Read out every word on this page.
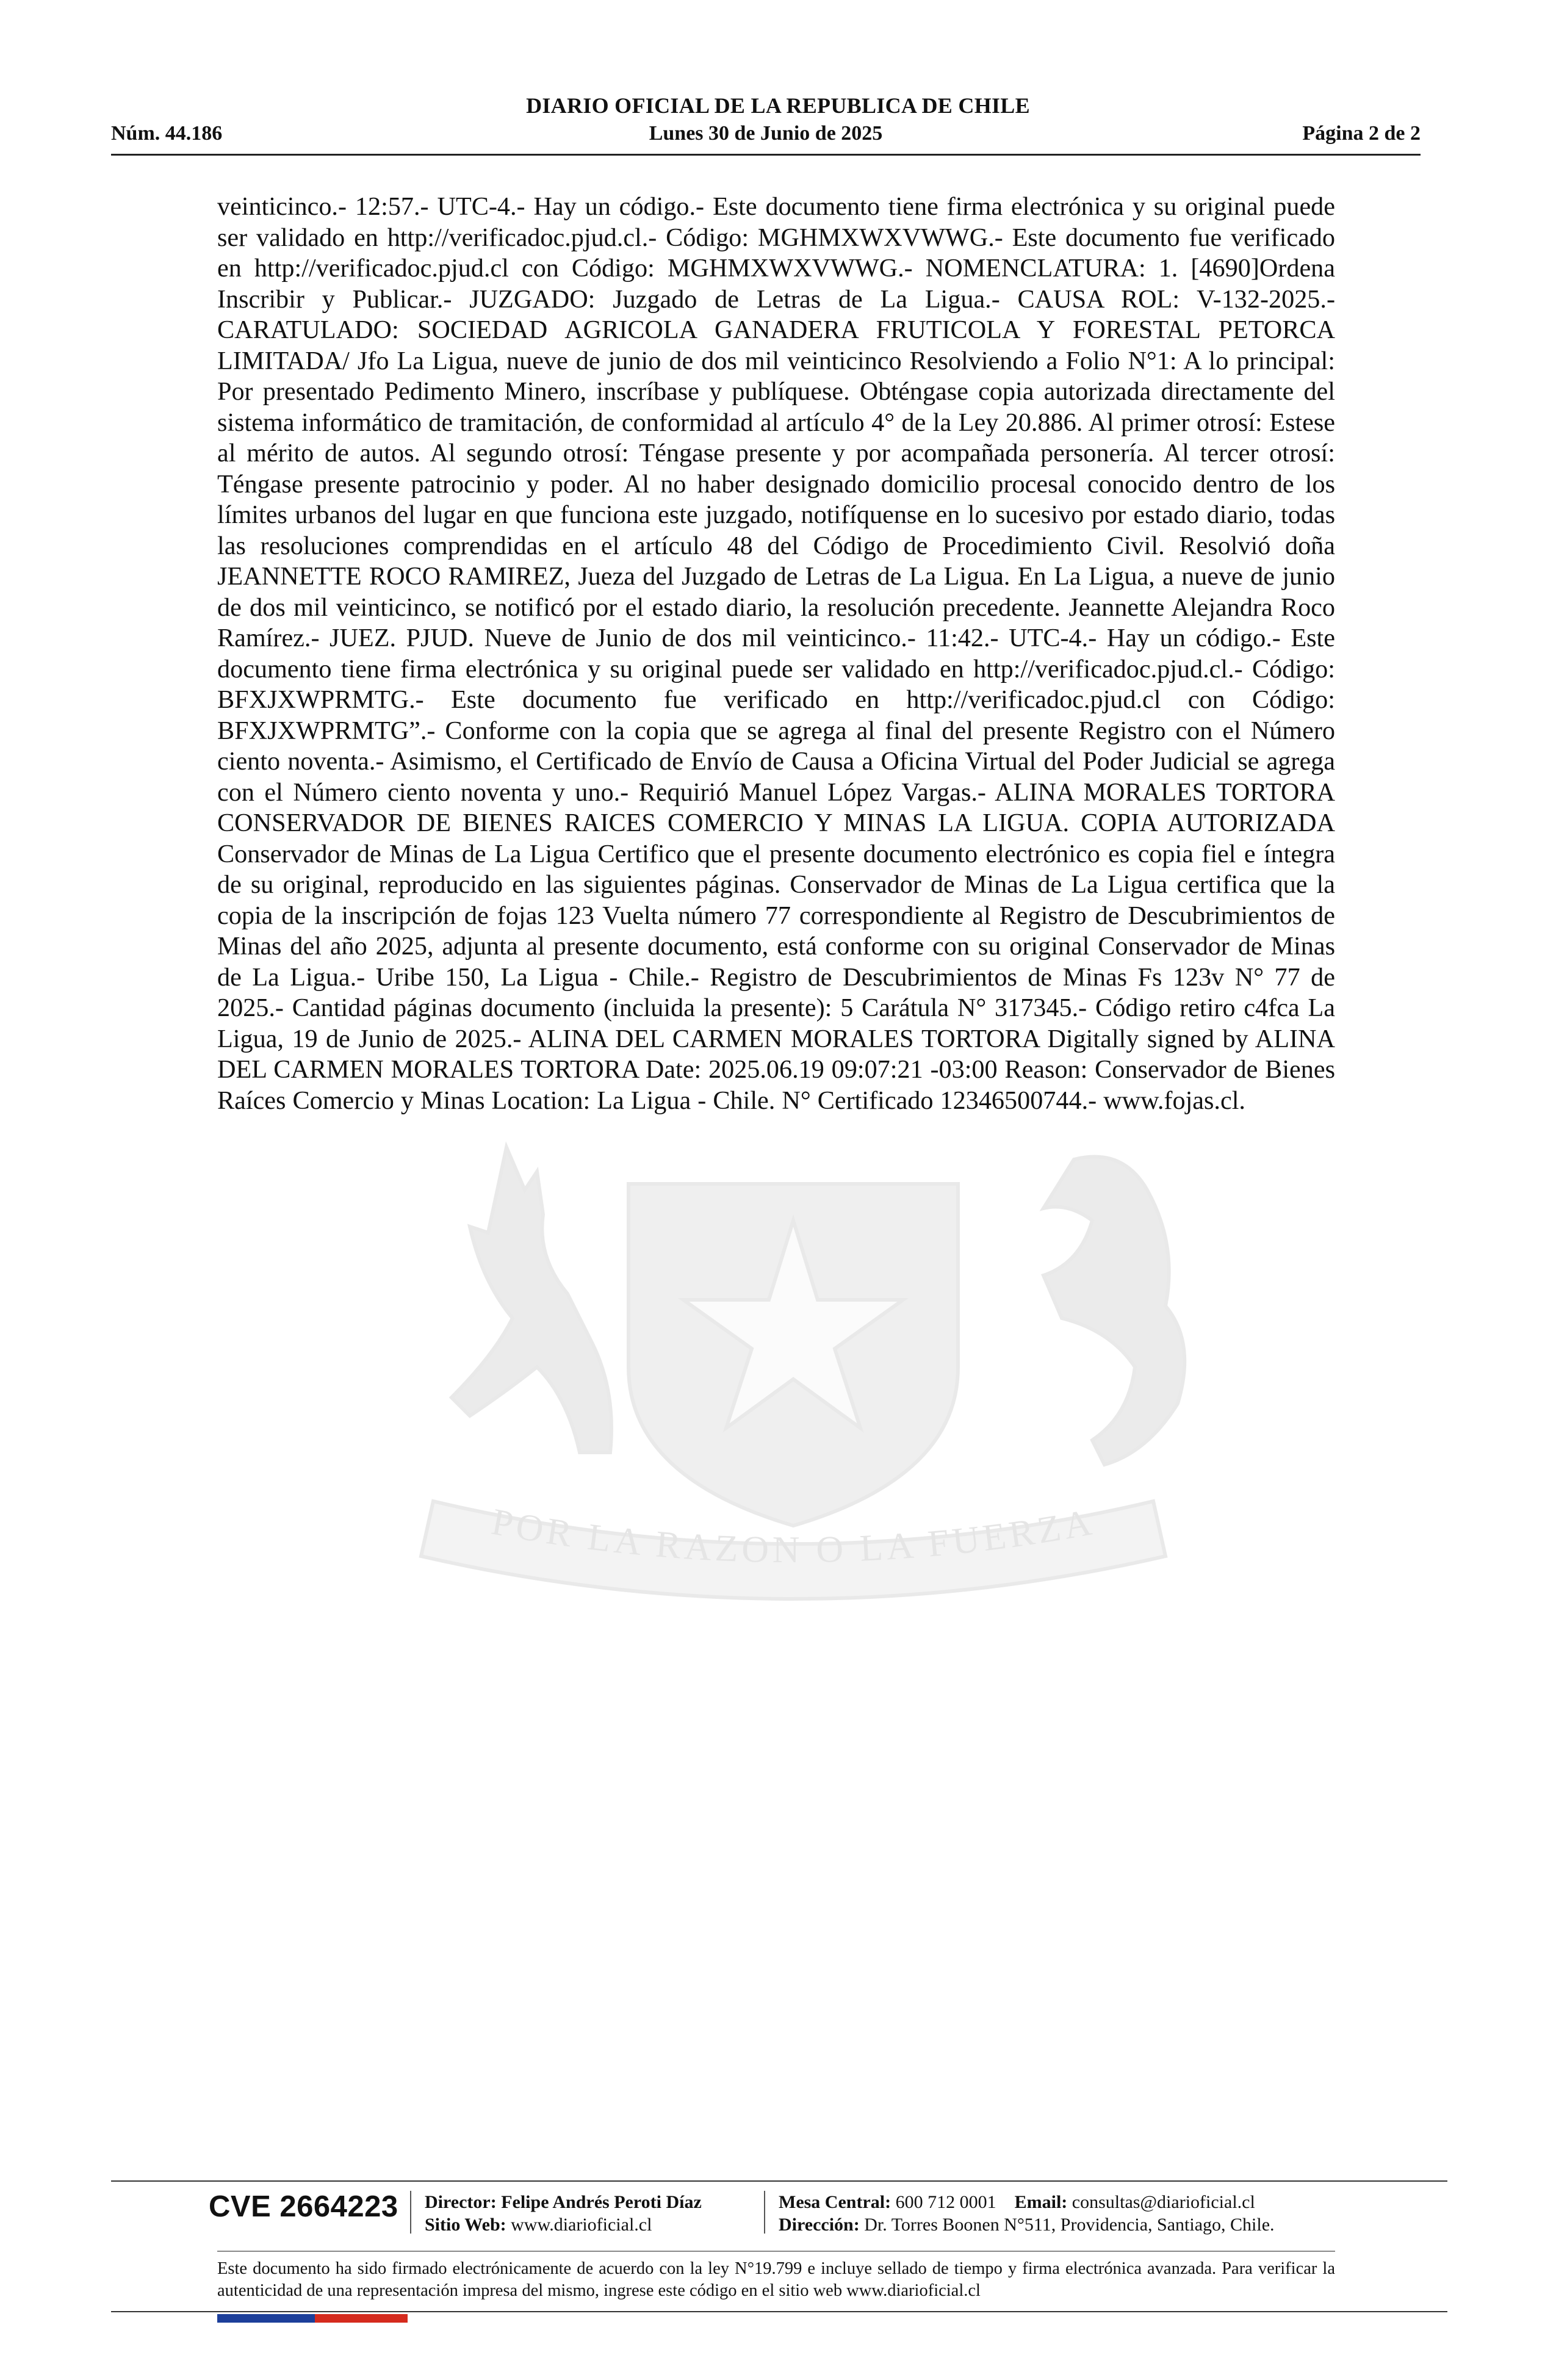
DIARIO OFICIAL DE LA REPUBLICA DE CHILE
Núm. 44.186	Lunes 30 de Junio de 2025	Página 2 de 2
POR LA RAZON O LA FUERZA
veinticinco.- 12:57.- UTC-4.- Hay un código.- Este documento tiene firma electrónica y su original puede ser validado en http://verificadoc.pjud.cl.- Código: MGHMXWXVWWG.- Este documento fue verificado en http://verificadoc.pjud.cl con Código: MGHMXWXVWWG.- NOMENCLATURA: 1. [4690]Ordena Inscribir y Publicar.- JUZGADO: Juzgado de Letras de La Ligua.- CAUSA ROL: V-132-2025.- CARATULADO: SOCIEDAD AGRICOLA GANADERA FRUTICOLA Y FORESTAL PETORCA LIMITADA/ Jfo La Ligua, nueve de junio de dos mil veinticinco Resolviendo a Folio N°1: A lo principal: Por presentado Pedimento Minero, inscríbase y publíquese. Obténgase copia autorizada directamente del sistema informático de tramitación, de conformidad al artículo 4° de la Ley 20.886. Al primer otrosí: Estese al mérito de autos. Al segundo otrosí: Téngase presente y por acompañada personería. Al tercer otrosí: Téngase presente patrocinio y poder. Al no haber designado domicilio procesal conocido dentro de los límites urbanos del lugar en que funciona este juzgado, notifíquense en lo sucesivo por estado diario, todas las resoluciones comprendidas en el artículo 48 del Código de Procedimiento Civil. Resolvió doña JEANNETTE ROCO RAMIREZ, Jueza del Juzgado de Letras de La Ligua. En La Ligua, a nueve de junio de dos mil veinticinco, se notificó por el estado diario, la resolución precedente. Jeannette Alejandra Roco Ramírez.- JUEZ. PJUD. Nueve de Junio de dos mil veinticinco.- 11:42.- UTC-4.- Hay un código.- Este documento tiene firma electrónica y su original puede ser validado en http://verificadoc.pjud.cl.- Código: BFXJXWPRMTG.- Este documento fue verificado en http://verificadoc.pjud.cl con Código: BFXJXWPRMTG”.- Conforme con la copia que se agrega al final del presente Registro con el Número ciento noventa.- Asimismo, el Certificado de Envío de Causa a Oficina Virtual del Poder Judicial se agrega con el Número ciento noventa y uno.- Requirió Manuel López Vargas.- ALINA MORALES TORTORA CONSERVADOR DE BIENES RAICES COMERCIO Y MINAS LA LIGUA. COPIA AUTORIZADA Conservador de Minas de La Ligua Certifico que el presente documento electrónico es copia fiel e íntegra de su original, reproducido en las siguientes páginas. Conservador de Minas de La Ligua certifica que la copia de la inscripción de fojas 123 Vuelta número 77 correspondiente al Registro de Descubrimientos de Minas del año 2025, adjunta al presente documento, está conforme con su original Conservador de Minas de La Ligua.- Uribe 150, La Ligua - Chile.- Registro de Descubrimientos de Minas Fs 123v N° 77 de 2025.- Cantidad páginas documento (incluida la presente): 5 Carátula N° 317345.- Código retiro c4fca La Ligua, 19 de Junio de 2025.- ALINA DEL CARMEN MORALES TORTORA Digitally signed by ALINA DEL CARMEN MORALES TORTORA Date: 2025.06.19 09:07:21 -03:00 Reason: Conservador de Bienes Raíces Comercio y Minas Location: La Ligua - Chile. N° Certificado 12346500744.- www.fojas.cl.
CVE 2664223 Director: Felipe Andrés Peroti Díaz
Sitio Web: www.diarioficial.cl
Mesa Central: 600 712 0001 Email: consultas@diarioficial.cl
Dirección: Dr. Torres Boonen N°511, Providencia, Santiago, Chile.
Este documento ha sido firmado electrónicamente de acuerdo con la ley N°19.799 e incluye sellado de tiempo y firma electrónica avanzada. Para verificar la autenticidad de una representación impresa del mismo, ingrese este código en el sitio web www.diarioficial.cl
